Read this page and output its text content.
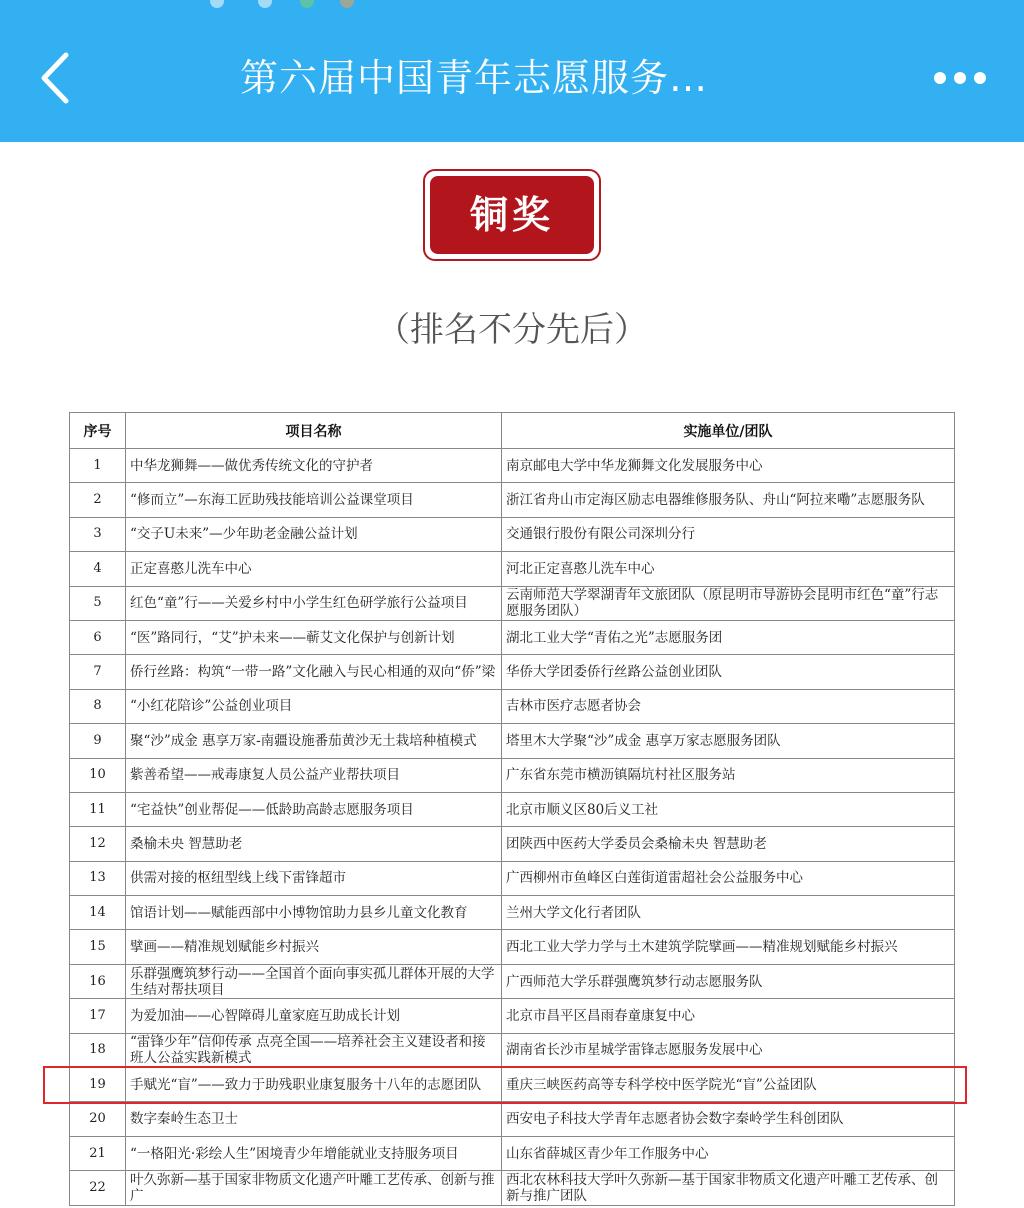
第六届中国青年志愿服务…
铜奖
（排名不分先后）
序号	项目名称	实施单位/团队
1	中华龙狮舞——做优秀传统文化的守护者	南京邮电大学中华龙狮舞文化发展服务中心
2	“修而立”—东海工匠助残技能培训公益课堂项目	浙江省舟山市定海区励志电器维修服务队、舟山“阿拉来嘞”志愿服务队
3	“交子U未来”—少年助老金融公益计划	交通银行股份有限公司深圳分行
4	正定喜憨儿洗车中心	河北正定喜憨儿洗车中心
5	红色“童”行——关爱乡村中小学生红色研学旅行公益项目	云南师范大学翠湖青年文旅团队（原昆明市导游协会昆明市红色“童”行志愿服务团队）
6	“医”路同行，“艾”护未来——蕲艾文化保护与创新计划	湖北工业大学“青佑之光”志愿服务团
7	侨行丝路：构筑“一带一路”文化融入与民心相通的双向“侨”梁	华侨大学团委侨行丝路公益创业团队
8	“小红花陪诊”公益创业项目	吉林市医疗志愿者协会
9	聚“沙”成金 惠享万家-南疆设施番茄黄沙无土栽培种植模式	塔里木大学聚“沙”成金 惠享万家志愿服务团队
10	紫善希望——戒毒康复人员公益产业帮扶项目	广东省东莞市横沥镇隔坑村社区服务站
11	“宅益快”创业帮促——低龄助高龄志愿服务项目	北京市顺义区80后义工社
12	桑榆未央 智慧助老	团陕西中医药大学委员会桑榆未央 智慧助老
13	供需对接的枢纽型线上线下雷锋超市	广西柳州市鱼峰区白莲街道雷超社会公益服务中心
14	馆语计划——赋能西部中小博物馆助力县乡儿童文化教育	兰州大学文化行者团队
15	擘画——精准规划赋能乡村振兴	西北工业大学力学与土木建筑学院擘画——精准规划赋能乡村振兴
16	乐群强鹰筑梦行动——全国首个面向事实孤儿群体开展的大学生结对帮扶项目	广西师范大学乐群强鹰筑梦行动志愿服务队
17	为爱加油——心智障碍儿童家庭互助成长计划	北京市昌平区昌雨春童康复中心
18	“雷锋少年”信仰传承 点亮全国——培养社会主义建设者和接班人公益实践新模式	湖南省长沙市星城学雷锋志愿服务发展中心
19	手赋光“盲”——致力于助残职业康复服务十八年的志愿团队	重庆三峡医药高等专科学校中医学院光“盲”公益团队
20	数字秦岭生态卫士	西安电子科技大学青年志愿者协会数字秦岭学生科创团队
21	“一格阳光·彩绘人生”困境青少年增能就业支持服务项目	山东省薛城区青少年工作服务中心
22	叶久弥新—基于国家非物质文化遗产叶雕工艺传承、创新与推广	西北农林科技大学叶久弥新—基于国家非物质文化遗产叶雕工艺传承、创新与推广团队
